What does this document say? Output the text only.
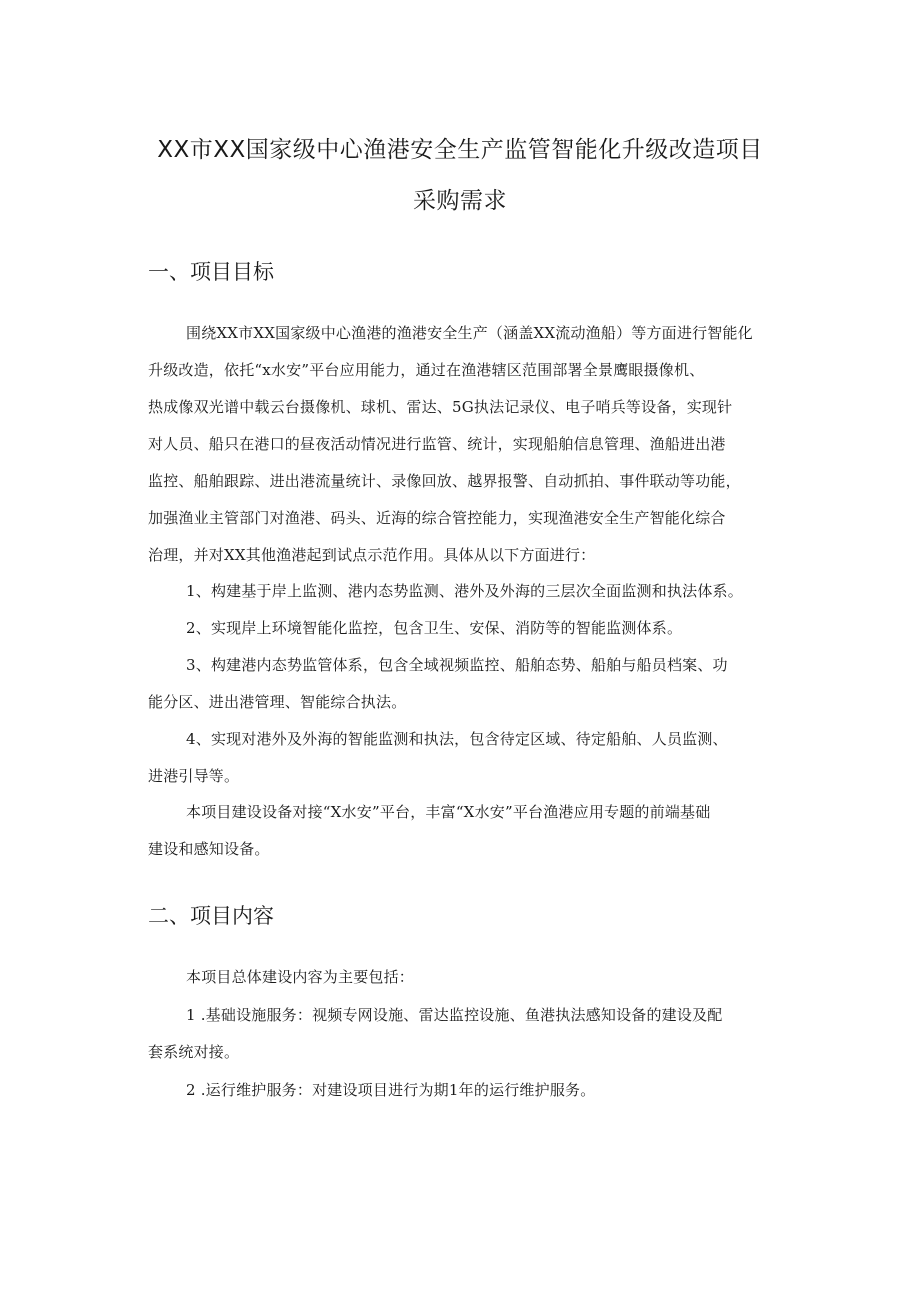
XX市XX国家级中心渔港安全生产监管智能化升级改造项目
采购需求
一、项目目标
围绕XX市XX国家级中心渔港的渔港安全生产（涵盖XX流动渔船）等方面进行智能化
升级改造，依托“x水安”平台应用能力，通过在渔港辖区范围部署全景鹰眼摄像机、
热成像双光谱中载云台摄像机、球机、雷达、5G执法记录仪、电子哨兵等设备，实现针
对人员、船只在港口的昼夜活动情况进行监管、统计，实现船舶信息管理、渔船进出港
监控、船舶跟踪、进出港流量统计、录像回放、越界报警、自动抓拍、事件联动等功能，
加强渔业主管部门对渔港、码头、近海的综合管控能力，实现渔港安全生产智能化综合
治理，并对XX其他渔港起到试点示范作用。具体从以下方面进行：
1、构建基于岸上监测、港内态势监测、港外及外海的三层次全面监测和执法体系。
2、实现岸上环境智能化监控，包含卫生、安保、消防等的智能监测体系。
3、构建港内态势监管体系，包含全域视频监控、船舶态势、船舶与船员档案、功
能分区、进出港管理、智能综合执法。
4、实现对港外及外海的智能监测和执法，包含待定区域、待定船舶、人员监测、
进港引导等。
本项目建设设备对接“X水安”平台，丰富“X水安”平台渔港应用专题的前端基础
建设和感知设备。
二、项目内容
本项目总体建设内容为主要包括：
1 .基础设施服务：视频专网设施、雷达监控设施、鱼港执法感知设备的建设及配
套系统对接。
2 .运行维护服务：对建设项目进行为期1年的运行维护服务。
